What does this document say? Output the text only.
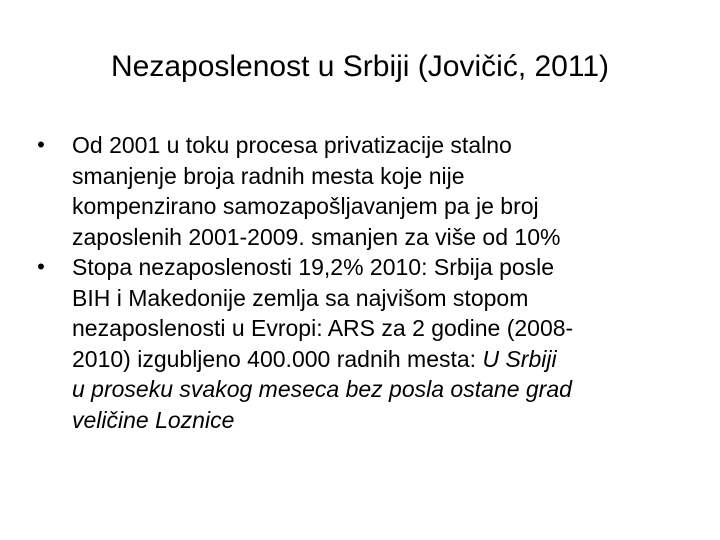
Nezaposlenost u Srbiji (Jovičić, 2011)
•	Od 2001 u toku procesa privatizacije stalno
smanjenje broja radnih mesta koje nije
kompenzirano samozapošljavanjem pa je broj
zaposlenih 2001-2009. smanjen za više od 10%
•	Stopa nezaposlenosti 19,2% 2010: Srbija posle
BIH i Makedonije zemlja sa najvišom stopom
nezaposlenosti u Evropi: ARS za 2 godine (2008-
2010) izgubljeno 400.000 radnih mesta: U Srbiji
u proseku svakog meseca bez posla ostane grad
veličine Loznice
